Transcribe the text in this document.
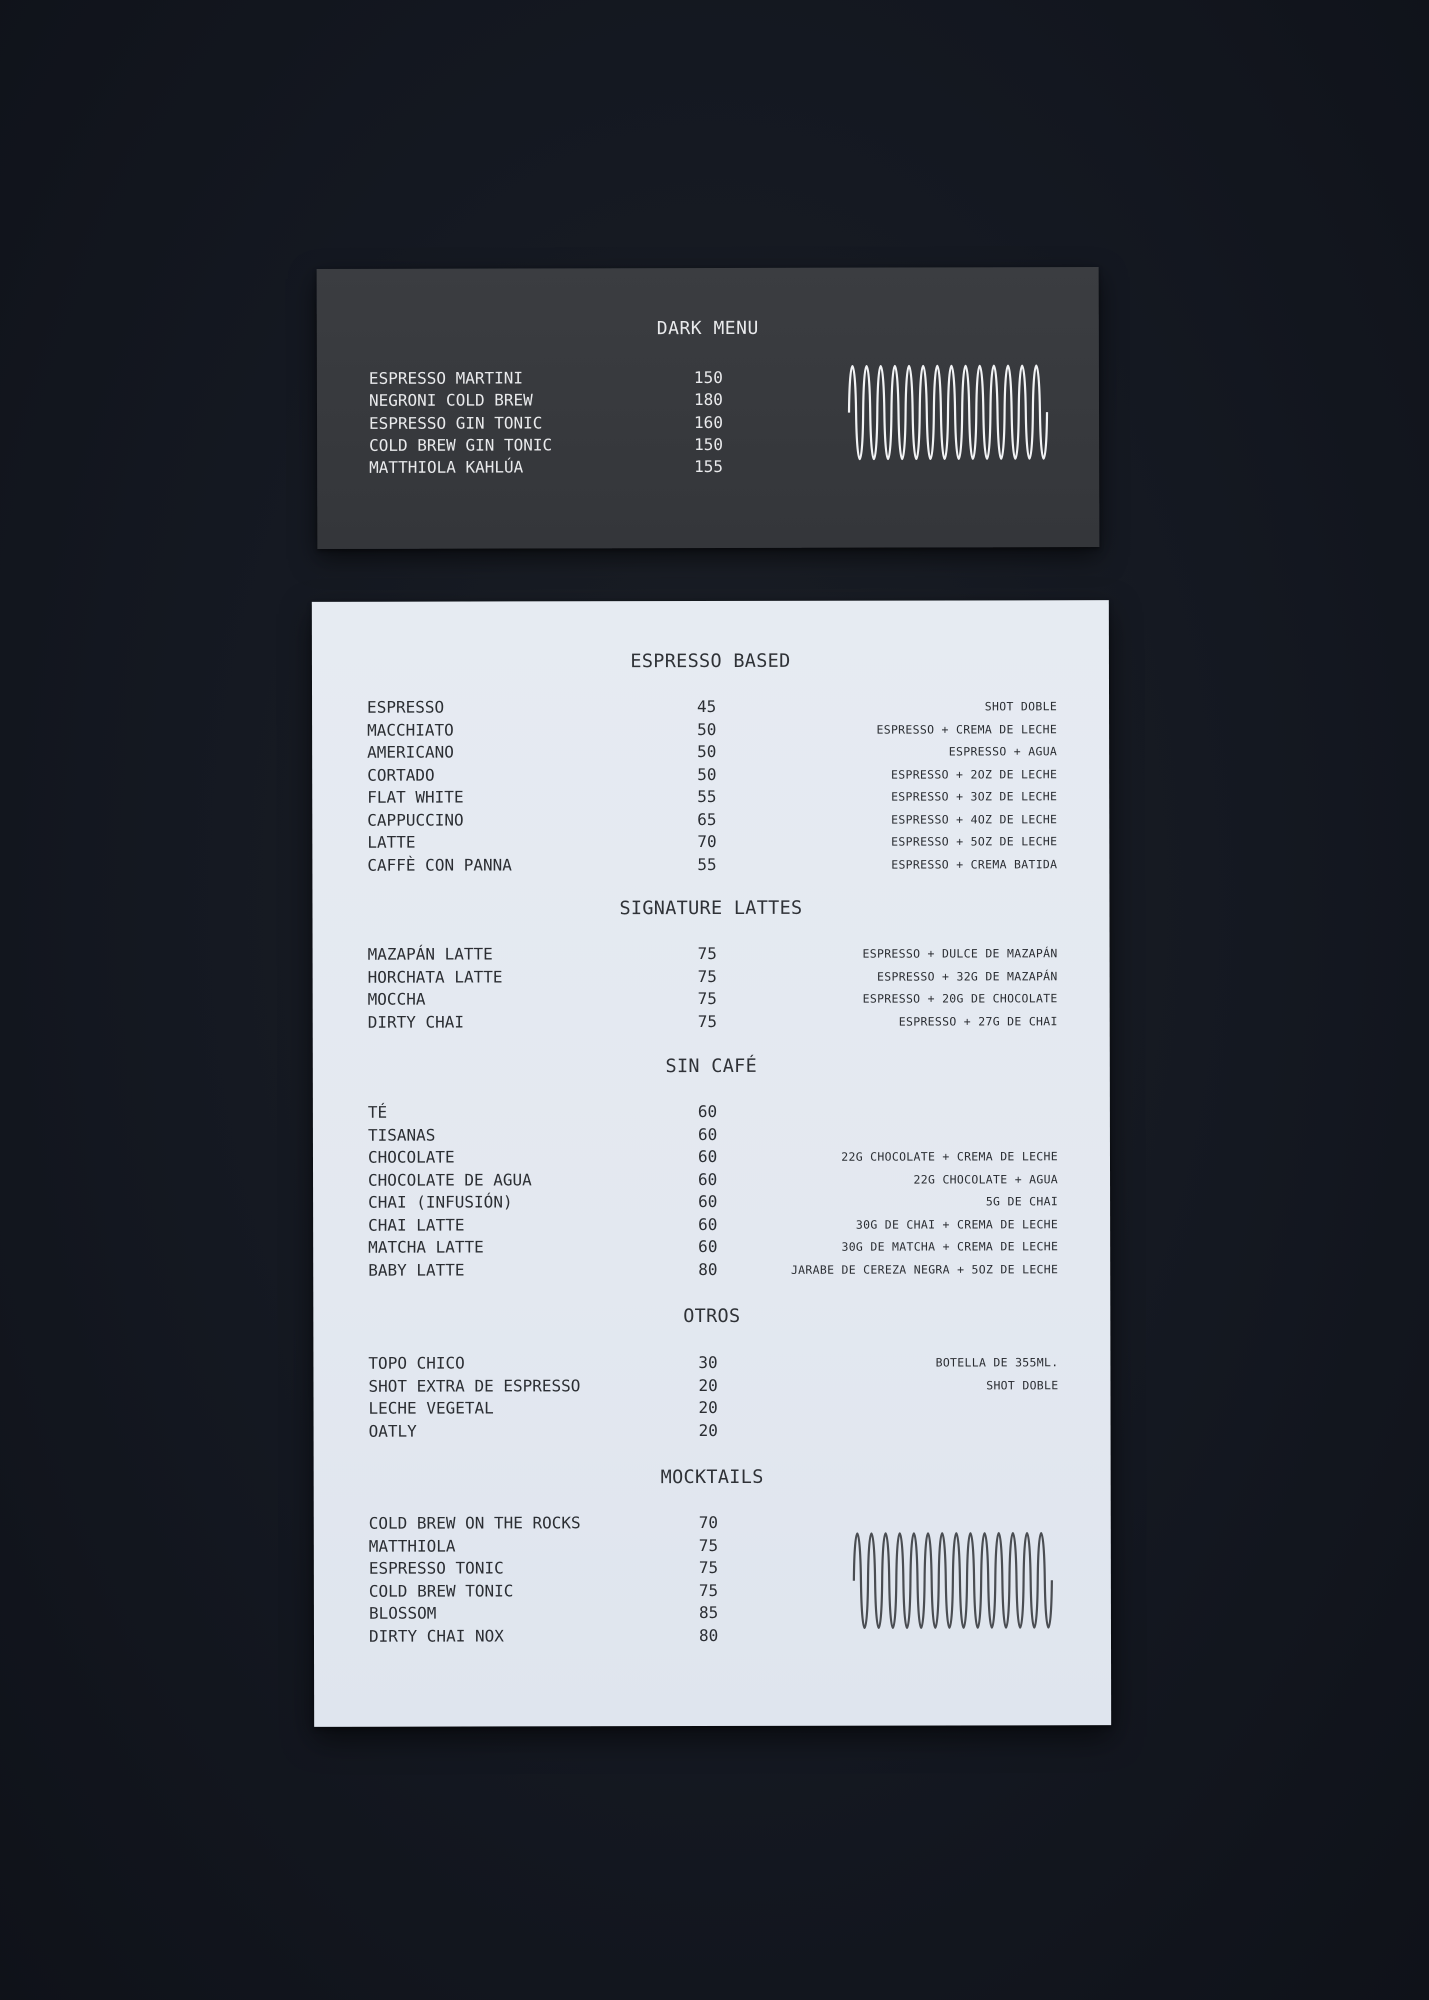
DARK MENU
ESPRESSO MARTINI	150
NEGRONI COLD BREW	180
ESPRESSO GIN TONIC	160
COLD BREW GIN TONIC	150
MATTHIOLA KAHLÚA	155
ESPRESSO BASED
ESPRESSO	45	SHOT DOBLE
MACCHIATO	50	ESPRESSO + CREMA DE LECHE
AMERICANO	50	ESPRESSO + AGUA
CORTADO	50	ESPRESSO + 2OZ DE LECHE
FLAT WHITE	55	ESPRESSO + 3OZ DE LECHE
CAPPUCCINO	65	ESPRESSO + 4OZ DE LECHE
LATTE	70	ESPRESSO + 5OZ DE LECHE
CAFFÈ CON PANNA	55	ESPRESSO + CREMA BATIDA
SIGNATURE LATTES
MAZAPÁN LATTE	75	ESPRESSO + DULCE DE MAZAPÁN
HORCHATA LATTE	75	ESPRESSO + 32G DE MAZAPÁN
MOCCHA	75	ESPRESSO + 20G DE CHOCOLATE
DIRTY CHAI	75	ESPRESSO + 27G DE CHAI
SIN CAFÉ
TÉ	60
TISANAS	60
CHOCOLATE	60	22G CHOCOLATE + CREMA DE LECHE
CHOCOLATE DE AGUA	60	22G CHOCOLATE + AGUA
CHAI (INFUSIÓN)	60	5G DE CHAI
CHAI LATTE	60	30G DE CHAI + CREMA DE LECHE
MATCHA LATTE	60	30G DE MATCHA + CREMA DE LECHE
BABY LATTE	80	JARABE DE CEREZA NEGRA + 5OZ DE LECHE
OTROS
TOPO CHICO	30	BOTELLA DE 355ML.
SHOT EXTRA DE ESPRESSO	20	SHOT DOBLE
LECHE VEGETAL	20
OATLY	20
MOCKTAILS
COLD BREW ON THE ROCKS	70
MATTHIOLA	75
ESPRESSO TONIC	75
COLD BREW TONIC	75
BLOSSOM	85
DIRTY CHAI NOX	80
